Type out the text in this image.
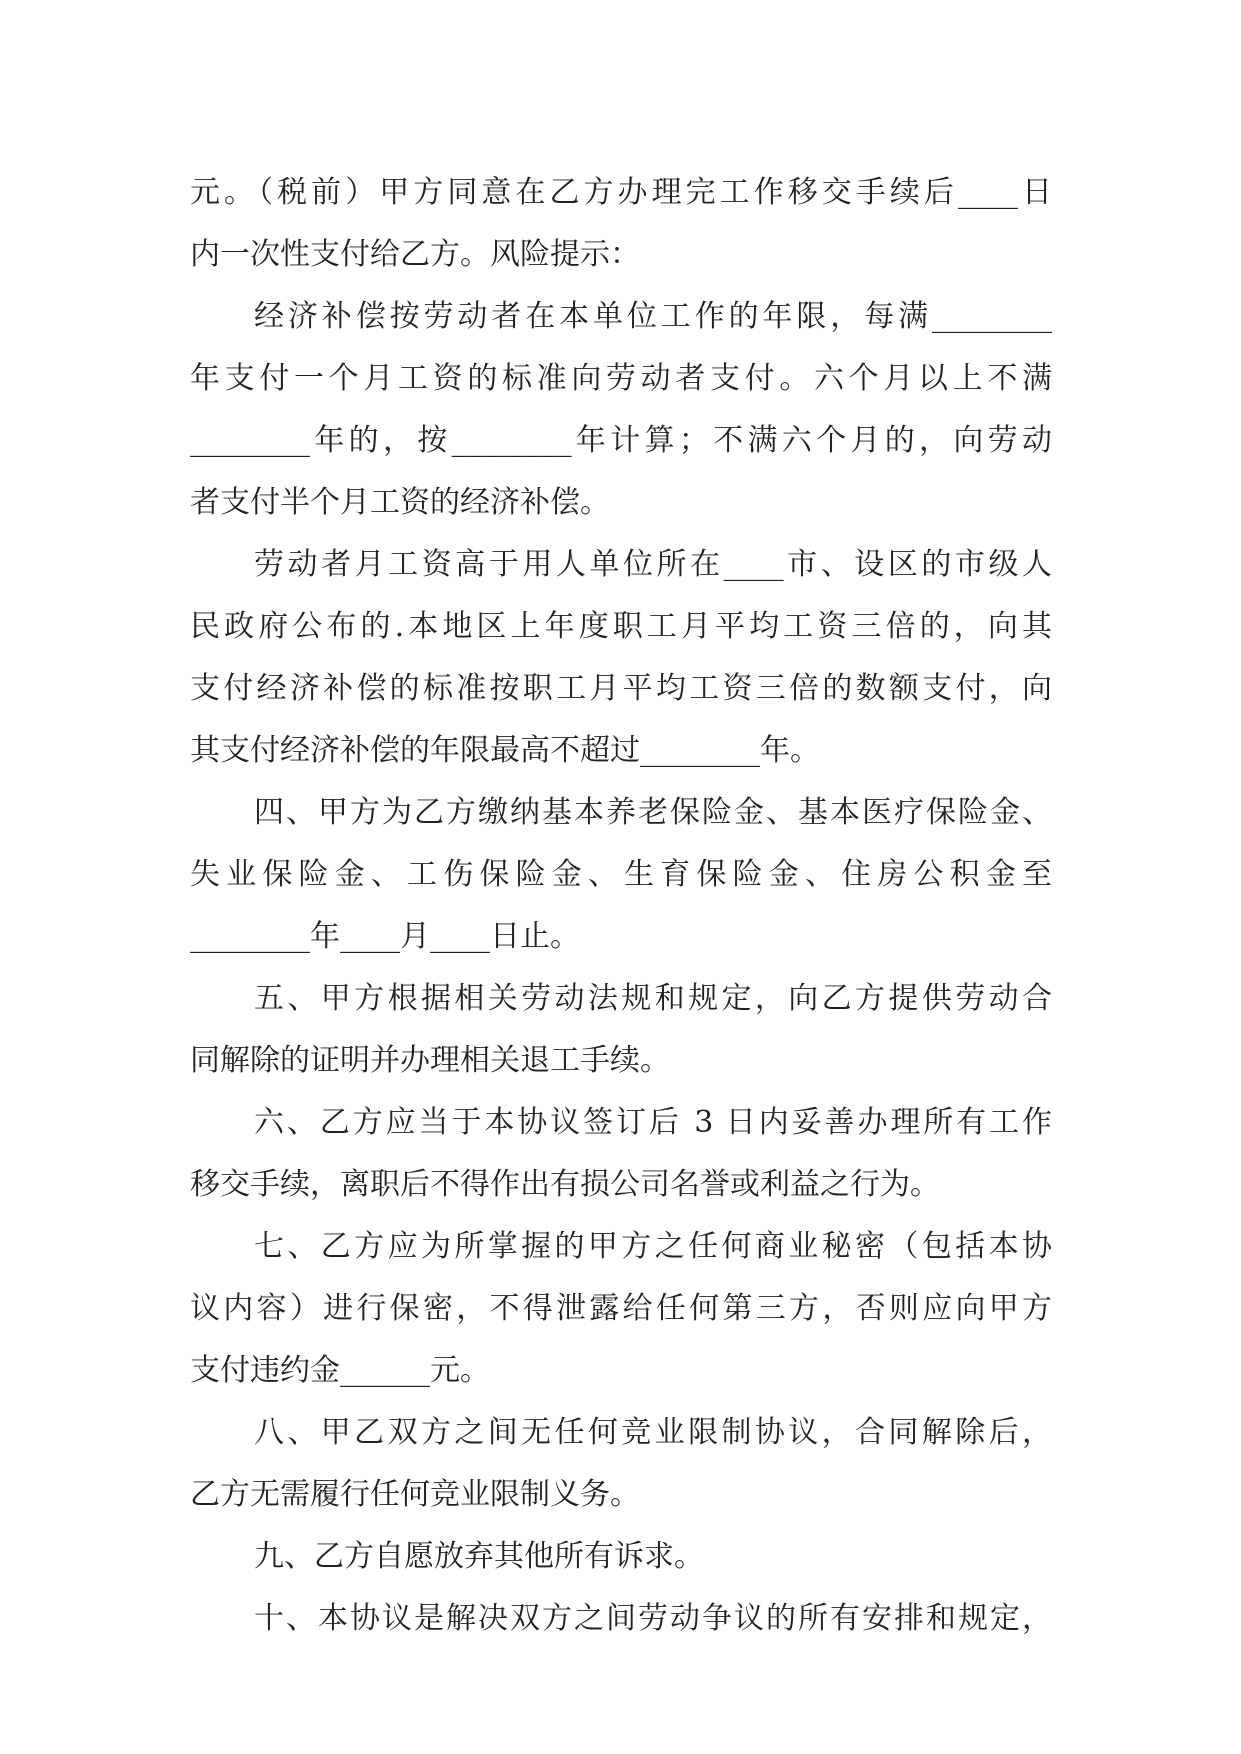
元。（税前）甲方同意在乙方办理完工作移交手续后____日
内一次性支付给乙方。风险提示：
经济补偿按劳动者在本单位工作的年限，每满________
年支付一个月工资的标准向劳动者支付。六个月以上不满
________年的，按________年计算；不满六个月的，向劳动
者支付半个月工资的经济补偿。
劳动者月工资高于用人单位所在____市、设区的市级人
民政府公布的.本地区上年度职工月平均工资三倍的，向其
支付经济补偿的标准按职工月平均工资三倍的数额支付，向
其支付经济补偿的年限最高不超过________年。
四、甲方为乙方缴纳基本养老保险金、基本医疗保险金、
失业保险金、工伤保险金、生育保险金、住房公积金至
________年____月____日止。
五、甲方根据相关劳动法规和规定，向乙方提供劳动合
同解除的证明并办理相关退工手续。
六、乙方应当于本协议签订后 3 日内妥善办理所有工作
移交手续，离职后不得作出有损公司名誉或利益之行为。
七、乙方应为所掌握的甲方之任何商业秘密（包括本协
议内容）进行保密，不得泄露给任何第三方，否则应向甲方
支付违约金______元。
八、甲乙双方之间无任何竞业限制协议，合同解除后，
乙方无需履行任何竞业限制义务。
九、乙方自愿放弃其他所有诉求。
十、本协议是解决双方之间劳动争议的所有安排和规定，
